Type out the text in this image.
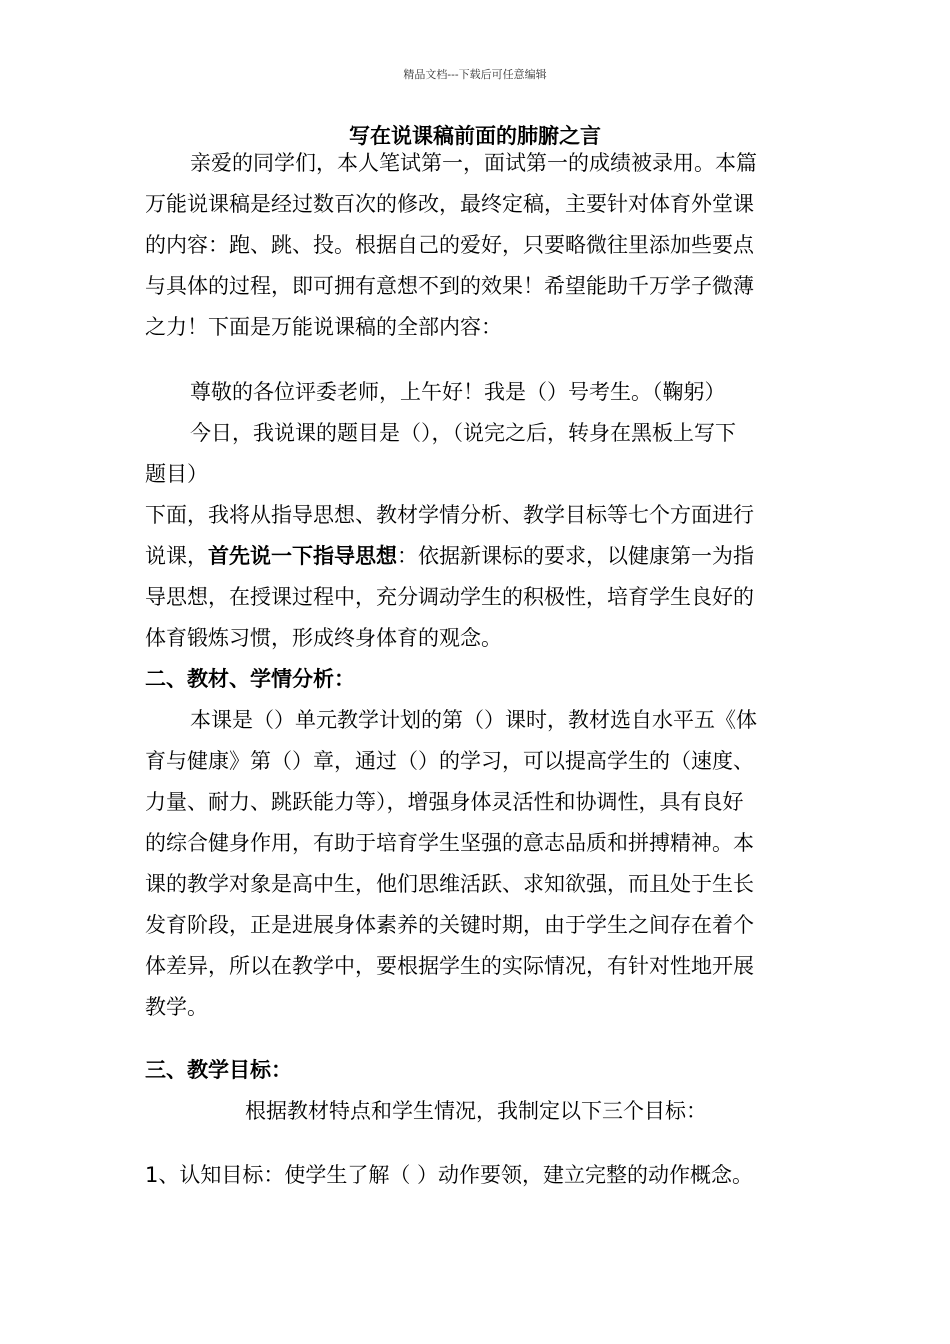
精品文档---下载后可任意编辑
写在说课稿前面的肺腑之言
亲爱的同学们，本人笔试第一，面试第一的成绩被录用。本篇
万能说课稿是经过数百次的修改，最终定稿，主要针对体育外堂课
的内容：跑、跳、投。根据自己的爱好，只要略微往里添加些要点
与具体的过程，即可拥有意想不到的效果！希望能助千万学子微薄
之力！下面是万能说课稿的全部内容：
尊敬的各位评委老师，上午好！我是（）号考生。（鞠躬）
今日，我说课的题目是（），（说完之后，转身在黑板上写下
题目）
下面，我将从指导思想、教材学情分析、教学目标等七个方面进行
说课，首先说一下指导思想：依据新课标的要求，以健康第一为指
导思想，在授课过程中，充分调动学生的积极性，培育学生良好的
体育锻炼习惯，形成终身体育的观念。
二、教材、学情分析：
本课是（）单元教学计划的第（）课时，教材选自水平五《体
育与健康》第（）章，通过（）的学习，可以提高学生的（速度、
力量、耐力、跳跃能力等），增强身体灵活性和协调性，具有良好
的综合健身作用，有助于培育学生坚强的意志品质和拼搏精神。本
课的教学对象是高中生，他们思维活跃、求知欲强，而且处于生长
发育阶段，正是进展身体素养的关键时期，由于学生之间存在着个
体差异，所以在教学中，要根据学生的实际情况，有针对性地开展
教学。
三、教学目标：
根据教材特点和学生情况，我制定以下三个目标：
1、认知目标：使学生了解（ ）动作要领，建立完整的动作概念。
